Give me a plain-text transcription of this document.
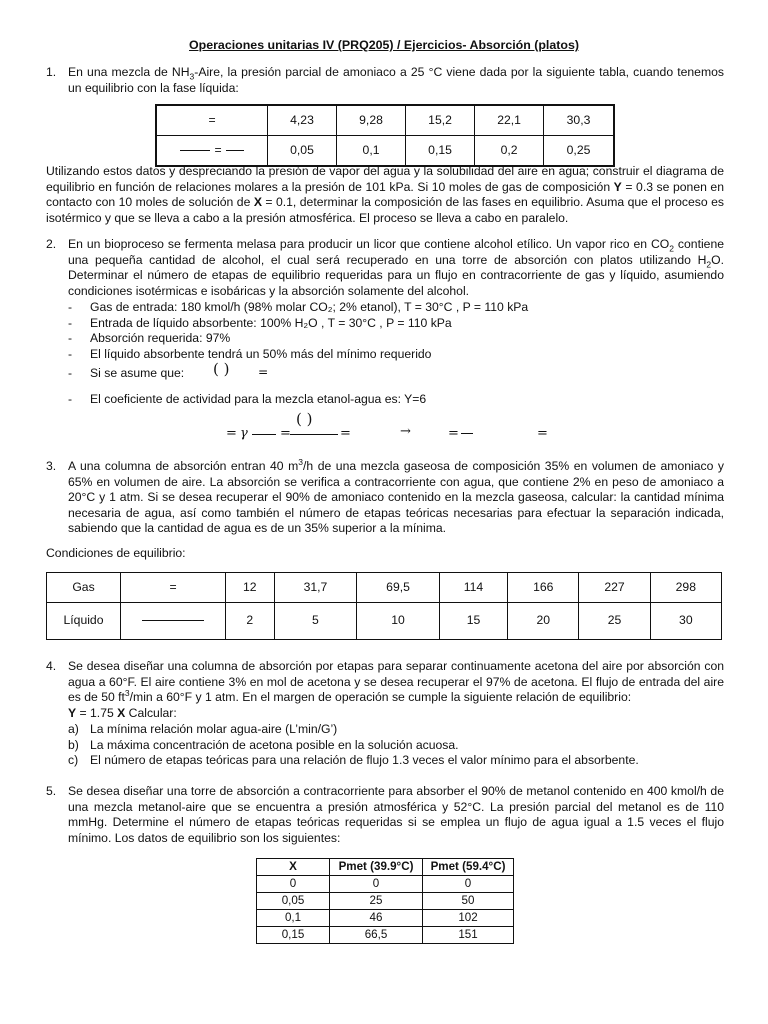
Operaciones unitarias IV (PRQ205) / Ejercicios- Absorción (platos)
1. En una mezcla de $NH_3$-Aire, la presión parcial de amoniaco a 25 °C viene dada por la siguiente tabla, cuando tenemos un equilibrio con la fase líquida:
=	4,23	9,28	15,2	22,1	30,3
=	0,05	0,1	0,15	0,2	0,25
Utilizando estos datos y despreciando la presión de vapor del agua y la solubilidad del aire en agua; construir el diagrama de equilibrio en función de relaciones molares a la presión de 101 kPa. Si 10 moles de gas de composición Y = 0.3 se ponen en contacto con 10 moles de solución de X = 0.1, determinar la composición de las fases en equilibrio. Asuma que el proceso es isotérmico y que se lleva a cabo a la presión atmosférica. El proceso se lleva a cabo en paralelo.
2. En un bioproceso se fermenta melasa para producir un licor que contiene alcohol etílico. Un vapor rico en $CO_2$ contiene una pequeña cantidad de alcohol, el cual será recuperado en una torre de absorción con platos utilizando $H_2O$. Determinar el número de etapas de equilibrio requeridas para un flujo en contracorriente de gas y líquido, asumiendo condiciones isotérmicas e isobáricas y la absorción solamente del alcohol.
- Gas de entrada: 180 kmol/h (98% molar CO₂; 2% etanol), T = 30°C , P = 110 kPa
- Entrada de líquido absorbente: 100% H₂O , T = 30°C , P = 110 kPa
- Absorción requerida: 97%
- El líquido absorbente tendrá un 50% más del mínimo requerido
- Si se asume que: ( ) =
- El coeficiente de actividad para la mezcla etanol-agua es: Y=6
= γ =
( )
=	→	=	=
3. A una columna de absorción entran 40 $m^3/h$ de una mezcla gaseosa de composición 35% en volumen de amoniaco y 65% en volumen de aire. La absorción se verifica a contracorriente con agua, que contiene 2% en peso de amoniaco a 20°C y 1 atm. Si se desea recuperar el 90% de amoniaco contenido en la mezcla gaseosa, calcular: la cantidad mínima necesaria de agua, así como también el número de etapas teóricas necesarias para efectuar la separación indicada, sabiendo que la cantidad de agua es de un 35% superior a la mínima.
Condiciones de equilibrio:
Gas	=	12	31,7	69,5	114	166	227	298
Líquido		2	5	10	15	20	25	30
4. Se desea diseñar una columna de absorción por etapas para separar continuamente acetona del aire por absorción con agua a 60°F. El aire contiene 3% en mol de acetona y se desea recuperar el 97% de acetona. El flujo de entrada del aire es de 50 $ft^3/\min$ a 60°F y 1 atm. En el margen de operación se cumple la siguiente relación de equilibrio:
Y = 1.75 X Calcular:
a) La mínima relación molar agua-aire (L’min/G’)
b) La máxima concentración de acetona posible en la solución acuosa.
c) El número de etapas teóricas para una relación de flujo 1.3 veces el valor mínimo para el absorbente.
5. Se desea diseñar una torre de absorción a contracorriente para absorber el 90% de metanol contenido en 400 kmol/h de una mezcla metanol-aire que se encuentra a presión atmosférica y 52°C. La presión parcial del metanol es de 110 mmHg. Determine el número de etapas teóricas requeridas si se emplea un flujo de agua igual a 1.5 veces el flujo mínimo. Los datos de equilibrio son los siguientes:
X	Pmet (39.9°C)	Pmet (59.4°C)
0	0	0
0,05	25	50
0,1	46	102
0,15	66,5	151
